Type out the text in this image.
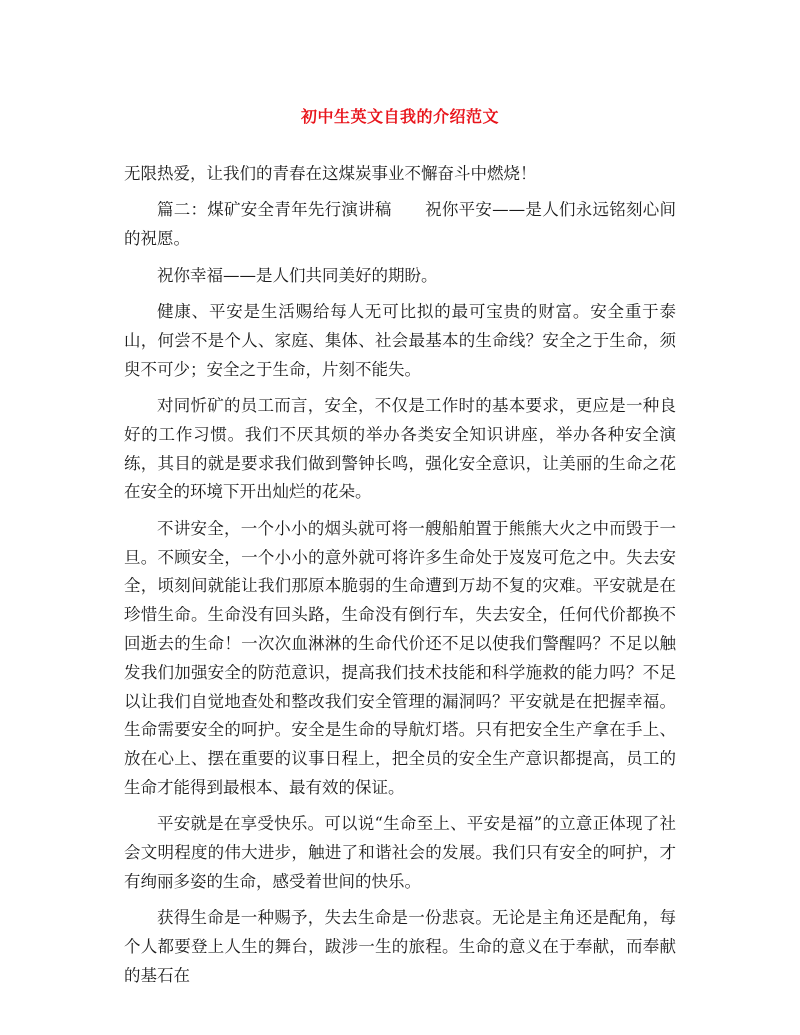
初中生英文自我的介绍范文

无限热爱，让我们的青春在这煤炭事业不懈奋斗中燃烧！

篇二：煤矿安全青年先行演讲稿　　祝你平安——是人们永远铭刻心间的祝愿。

祝你幸福——是人们共同美好的期盼。

健康、平安是生活赐给每人无可比拟的最可宝贵的财富。安全重于泰山，何尝不是个人、家庭、集体、社会最基本的生命线？安全之于生命，须臾不可少；安全之于生命，片刻不能失。

对同忻矿的员工而言，安全，不仅是工作时的基本要求，更应是一种良好的工作习惯。我们不厌其烦的举办各类安全知识讲座，举办各种安全演练，其目的就是要求我们做到警钟长鸣，强化安全意识，让美丽的生命之花在安全的环境下开出灿烂的花朵。

不讲安全，一个小小的烟头就可将一艘船舶置于熊熊大火之中而毁于一旦。不顾安全，一个小小的意外就可将许多生命处于岌岌可危之中。失去安全，顷刻间就能让我们那原本脆弱的生命遭到万劫不复的灾难。平安就是在珍惜生命。生命没有回头路，生命没有倒行车，失去安全，任何代价都换不回逝去的生命！一次次血淋淋的生命代价还不足以使我们警醒吗？不足以触发我们加强安全的防范意识，提高我们技术技能和科学施救的能力吗？不足以让我们自觉地查处和整改我们安全管理的漏洞吗？平安就是在把握幸福。生命需要安全的呵护。安全是生命的导航灯塔。只有把安全生产拿在手上、放在心上、摆在重要的议事日程上，把全员的安全生产意识都提高，员工的生命才能得到最根本、最有效的保证。

平安就是在享受快乐。可以说“生命至上、平安是福”的立意正体现了社会文明程度的伟大进步，触进了和谐社会的发展。我们只有安全的呵护，才有绚丽多姿的生命，感受着世间的快乐。

获得生命是一种赐予，失去生命是一份悲哀。无论是主角还是配角，每个人都要登上人生的舞台，跋涉一生的旅程。生命的意义在于奉献，而奉献的基石在
